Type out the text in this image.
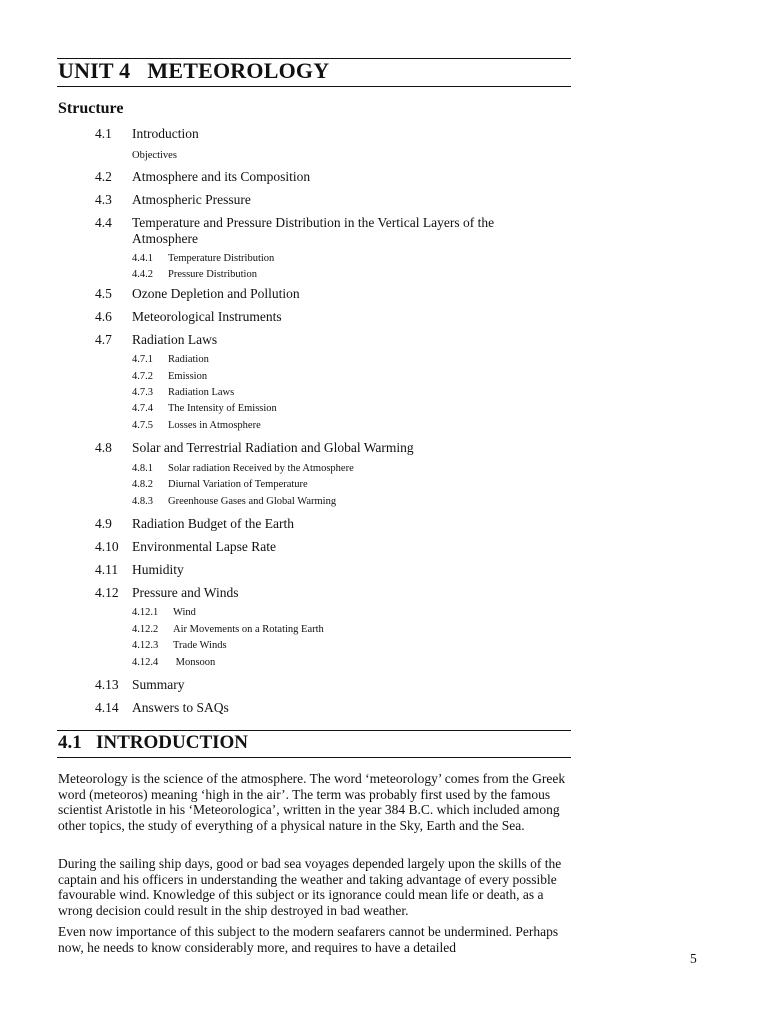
UNIT 4   METEOROLOGY
Structure
4.1 Introduction
Objectives
4.2 Atmosphere and its Composition
4.3 Atmospheric Pressure
4.4 Temperature and Pressure Distribution in the Vertical Layers of the Atmosphere
4.4.1 Temperature Distribution
4.4.2 Pressure Distribution
4.5 Ozone Depletion and Pollution
4.6 Meteorological Instruments
4.7 Radiation Laws
4.7.1 Radiation
4.7.2 Emission
4.7.3 Radiation Laws
4.7.4 The Intensity of Emission
4.7.5 Losses in Atmosphere
4.8 Solar and Terrestrial Radiation and Global Warming
4.8.1 Solar radiation Received by the Atmosphere
4.8.2 Diurnal Variation of Temperature
4.8.3 Greenhouse Gases and Global Warming
4.9 Radiation Budget of the Earth
4.10 Environmental Lapse Rate
4.11 Humidity
4.12 Pressure and Winds
4.12.1 Wind
4.12.2 Air Movements on a Rotating Earth
4.12.3 Trade Winds
4.12.4 Monsoon
4.13 Summary
4.14 Answers to SAQs
4.1   INTRODUCTION
Meteorology is the science of the atmosphere. The word ‘meteorology’ comes from the Greek word (meteoros) meaning ‘high in the air’. The term was probably first used by the famous scientist Aristotle in his ‘Meteorologica’, written in the year 384 B.C. which included among other topics, the study of everything of a physical nature in the Sky, Earth and the Sea.
During the sailing ship days, good or bad sea voyages depended largely upon the skills of the captain and his officers in understanding the weather and taking advantage of every possible favourable wind. Knowledge of this subject or its ignorance could mean life or death, as a wrong decision could result in the ship destroyed in bad weather.
Even now importance of this subject to the modern seafarers cannot be undermined. Perhaps now, he needs to know considerably more, and requires to have a detailed
5
